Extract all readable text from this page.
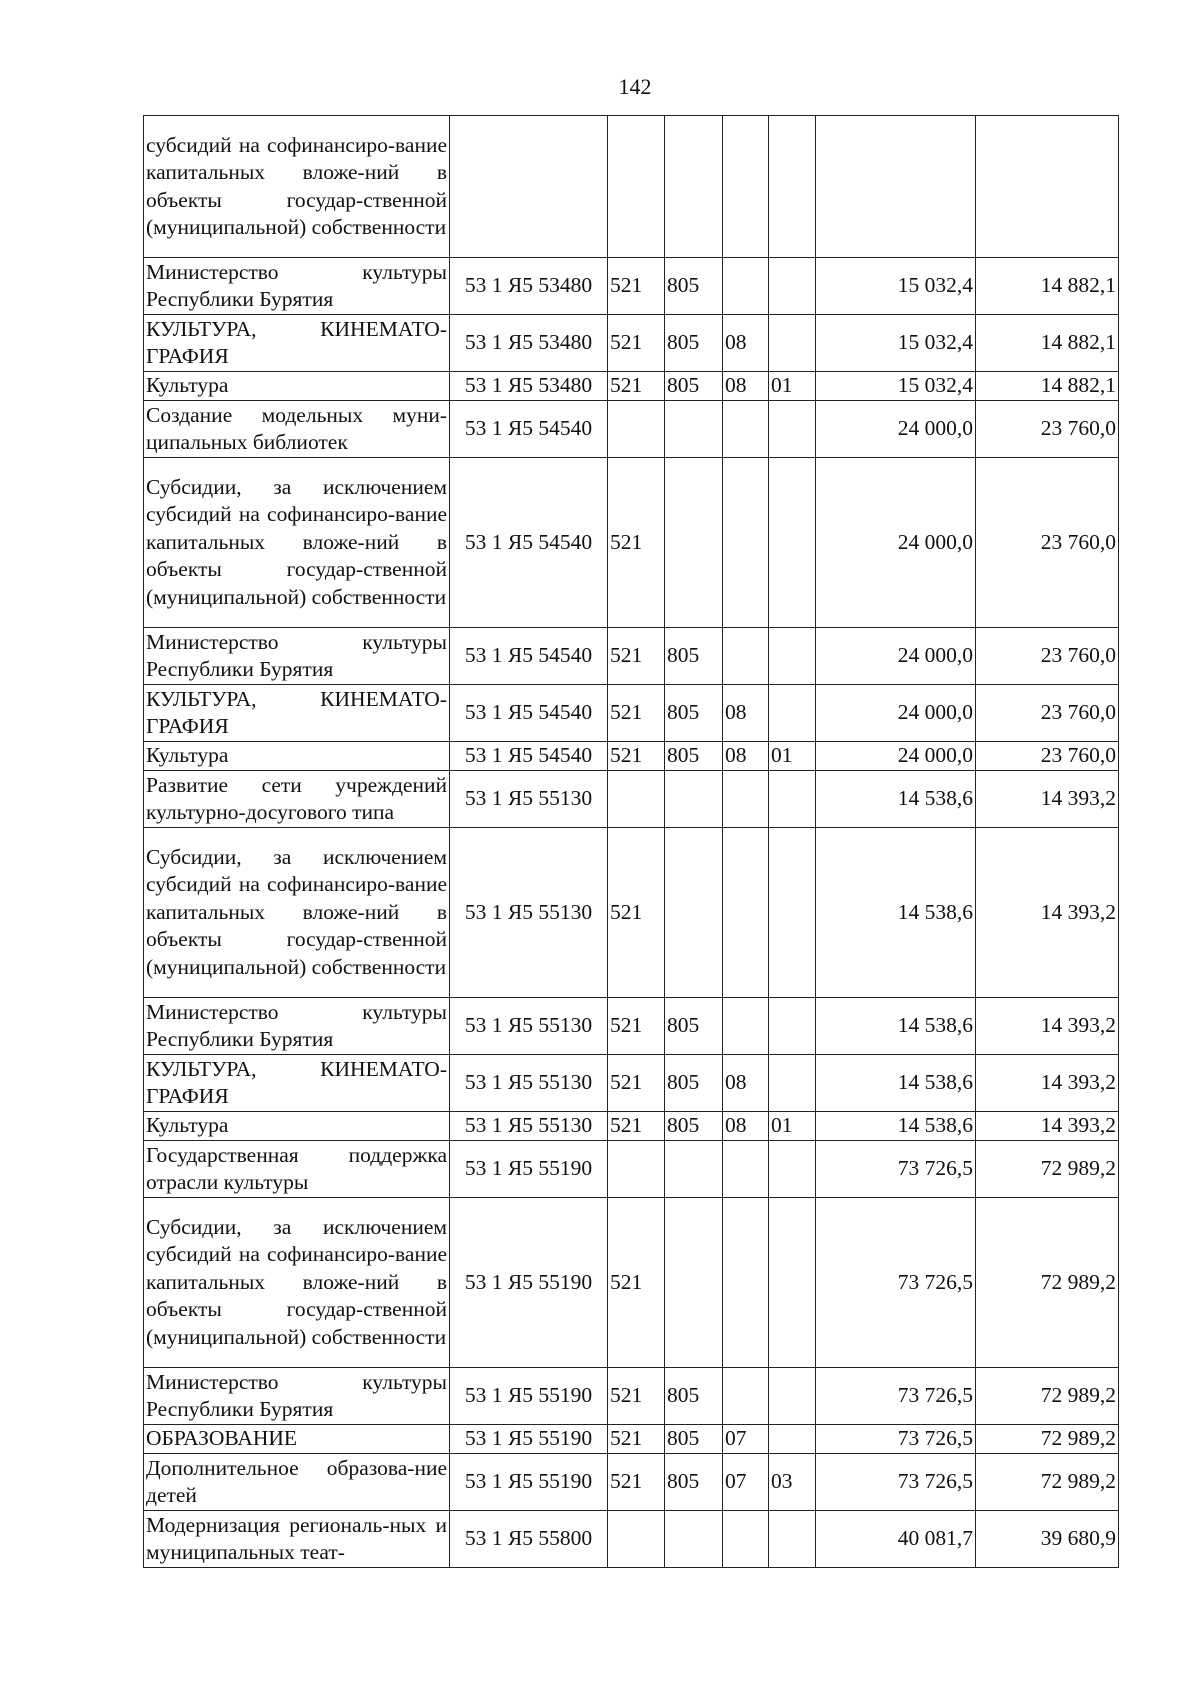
142
субсидий на софинансиро-вание капитальных вложе-ний в объекты государ-ственной (муниципальной) собственности							
Министерство культуры Республики Бурятия	53 1 Я5 53480	521	805			15 032,4	14 882,1
КУЛЬТУРА, КИНЕМАТО-ГРАФИЯ	53 1 Я5 53480	521	805	08		15 032,4	14 882,1
Культура	53 1 Я5 53480	521	805	08	01	15 032,4	14 882,1
Создание модельных муни-ципальных библиотек	53 1 Я5 54540					24 000,0	23 760,0
Субсидии, за исключением субсидий на софинансиро-вание капитальных вложе-ний в объекты государ-ственной (муниципальной) собственности	53 1 Я5 54540	521				24 000,0	23 760,0
Министерство культуры Республики Бурятия	53 1 Я5 54540	521	805			24 000,0	23 760,0
КУЛЬТУРА, КИНЕМАТО-ГРАФИЯ	53 1 Я5 54540	521	805	08		24 000,0	23 760,0
Культура	53 1 Я5 54540	521	805	08	01	24 000,0	23 760,0
Развитие сети учреждений культурно-досугового типа	53 1 Я5 55130					14 538,6	14 393,2
Субсидии, за исключением субсидий на софинансиро-вание капитальных вложе-ний в объекты государ-ственной (муниципальной) собственности	53 1 Я5 55130	521				14 538,6	14 393,2
Министерство культуры Республики Бурятия	53 1 Я5 55130	521	805			14 538,6	14 393,2
КУЛЬТУРА, КИНЕМАТО-ГРАФИЯ	53 1 Я5 55130	521	805	08		14 538,6	14 393,2
Культура	53 1 Я5 55130	521	805	08	01	14 538,6	14 393,2
Государственная поддержка отрасли культуры	53 1 Я5 55190					73 726,5	72 989,2
Субсидии, за исключением субсидий на софинансиро-вание капитальных вложе-ний в объекты государ-ственной (муниципальной) собственности	53 1 Я5 55190	521				73 726,5	72 989,2
Министерство культуры Республики Бурятия	53 1 Я5 55190	521	805			73 726,5	72 989,2
ОБРАЗОВАНИЕ	53 1 Я5 55190	521	805	07		73 726,5	72 989,2
Дополнительное образова-ние детей	53 1 Я5 55190	521	805	07	03	73 726,5	72 989,2
Модернизация региональ-ных и муниципальных теат-	53 1 Я5 55800					40 081,7	39 680,9
